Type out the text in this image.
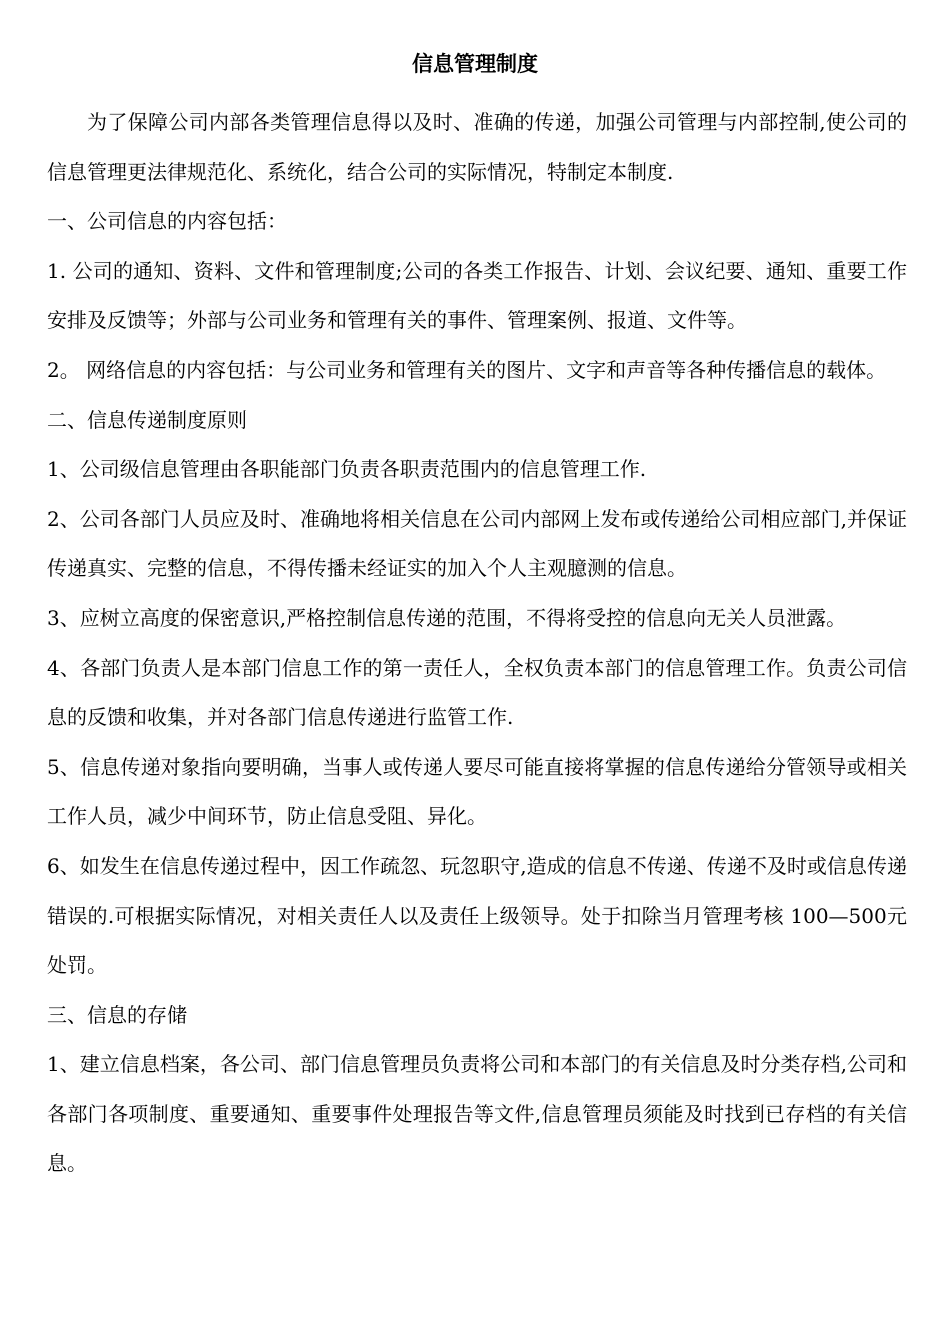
信息管理制度

为了保障公司内部各类管理信息得以及时、准确的传递，加强公司管理与内部控制,使公司的信息管理更法律规范化、系统化，结合公司的实际情况，特制定本制度.

一、公司信息的内容包括：

1. 公司的通知、资料、文件和管理制度;公司的各类工作报告、计划、会议纪要、通知、重要工作安排及反馈等；外部与公司业务和管理有关的事件、管理案例、报道、文件等。

2。 网络信息的内容包括：与公司业务和管理有关的图片、文字和声音等各种传播信息的载体。

二、信息传递制度原则

1、公司级信息管理由各职能部门负责各职责范围内的信息管理工作.

2、公司各部门人员应及时、准确地将相关信息在公司内部网上发布或传递给公司相应部门,并保证传递真实、完整的信息，不得传播未经证实的加入个人主观臆测的信息。

3、应树立高度的保密意识,严格控制信息传递的范围，不得将受控的信息向无关人员泄露。

4、各部门负责人是本部门信息工作的第一责任人，全权负责本部门的信息管理工作。负责公司信息的反馈和收集，并对各部门信息传递进行监管工作.

5、信息传递对象指向要明确，当事人或传递人要尽可能直接将掌握的信息传递给分管领导或相关工作人员，减少中间环节，防止信息受阻、异化。

6、如发生在信息传递过程中，因工作疏忽、玩忽职守,造成的信息不传递、传递不及时或信息传递错误的.可根据实际情况，对相关责任人以及责任上级领导。处于扣除当月管理考核 100—500元处罚。

三、信息的存储

1、建立信息档案，各公司、部门信息管理员负责将公司和本部门的有关信息及时分类存档,公司和各部门各项制度、重要通知、重要事件处理报告等文件,信息管理员须能及时找到已存档的有关信息。
